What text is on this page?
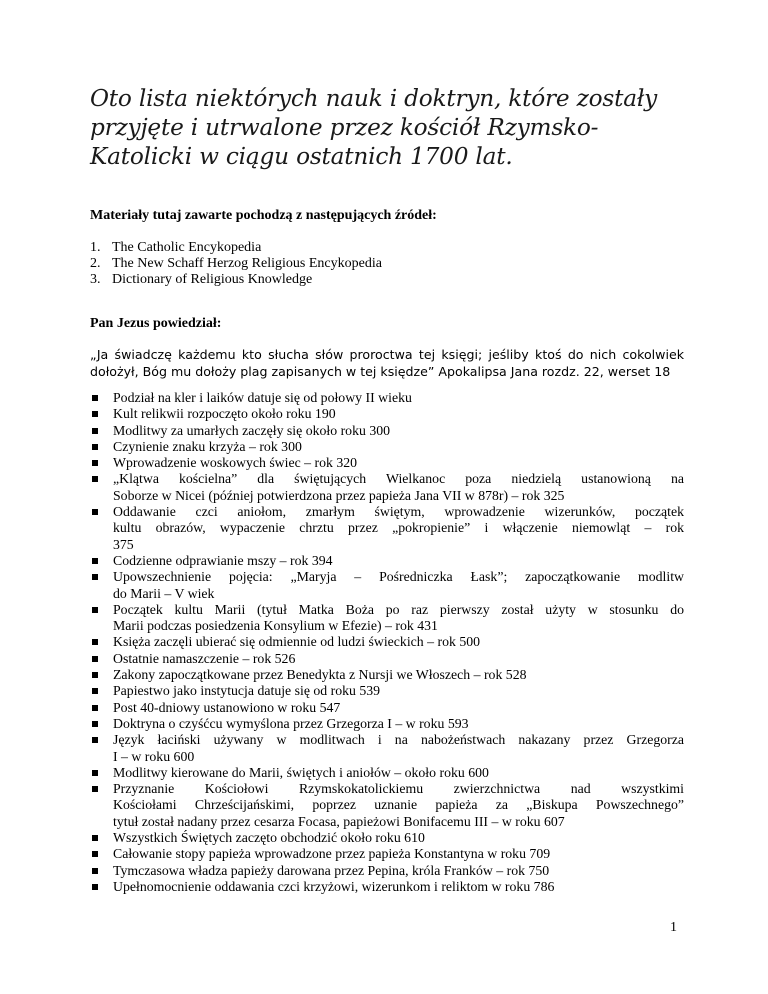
Oto lista niektórych nauk i doktryn, które zostały
przyjęte i utrwalone przez kościół Rzymsko-
Katolicki w ciągu ostatnich 1700 lat.

Materiały tutaj zawarte pochodzą z następujących źródeł:

1. The Catholic Encykopedia
2. The New Schaff Herzog Religious Encykopedia
3. Dictionary of Religious Knowledge

Pan Jezus powiedział:

„Ja świadczę każdemu kto słucha słów proroctwa tej księgi; jeśliby ktoś do nich cokolwiek
dołożył, Bóg mu dołoży plag zapisanych w tej księdze” Apokalipsa Jana rozdz. 22, werset 18

Podział na kler i laików datuje się od połowy II wieku
Kult relikwii rozpoczęto około roku 190
Modlitwy za umarłych zaczęły się około roku 300
Czynienie znaku krzyża – rok 300
Wprowadzenie woskowych świec – rok 320
„Klątwa kościelna” dla świętujących Wielkanoc poza niedzielą ustanowioną na
Soborze w Nicei (później potwierdzona przez papieża Jana VII w 878r) – rok 325
Oddawanie czci aniołom, zmarłym świętym, wprowadzenie wizerunków, początek
kultu obrazów, wypaczenie chrztu przez „pokropienie” i włączenie niemowląt – rok
375
Codzienne odprawianie mszy – rok 394
Upowszechnienie pojęcia: „Maryja – Pośredniczka Łask”; zapoczątkowanie modlitw
do Marii – V wiek
Początek kultu Marii (tytuł Matka Boża po raz pierwszy został użyty w stosunku do
Marii podczas posiedzenia Konsylium w Efezie) – rok 431
Księża zaczęli ubierać się odmiennie od ludzi świeckich – rok 500
Ostatnie namaszczenie – rok 526
Zakony zapoczątkowane przez Benedykta z Nursji we Włoszech – rok 528
Papiestwo jako instytucja datuje się od roku 539
Post 40-dniowy ustanowiono w roku 547
Doktryna o czyśćcu wymyślona przez Grzegorza I – w roku 593
Język łaciński używany w modlitwach i na nabożeństwach nakazany przez Grzegorza
I – w roku 600
Modlitwy kierowane do Marii, świętych i aniołów – około roku 600
Przyznanie Kościołowi Rzymskokatolickiemu zwierzchnictwa nad wszystkimi
Kościołami Chrześcijańskimi, poprzez uznanie papieża za „Biskupa Powszechnego”
tytuł został nadany przez cesarza Focasa, papieżowi Bonifacemu III – w roku 607
Wszystkich Świętych zaczęto obchodzić około roku 610
Całowanie stopy papieża wprowadzone przez papieża Konstantyna w roku 709
Tymczasowa władza papieży darowana przez Pepina, króla Franków – rok 750
Upełnomocnienie oddawania czci krzyżowi, wizerunkom i reliktom w roku 786
1
